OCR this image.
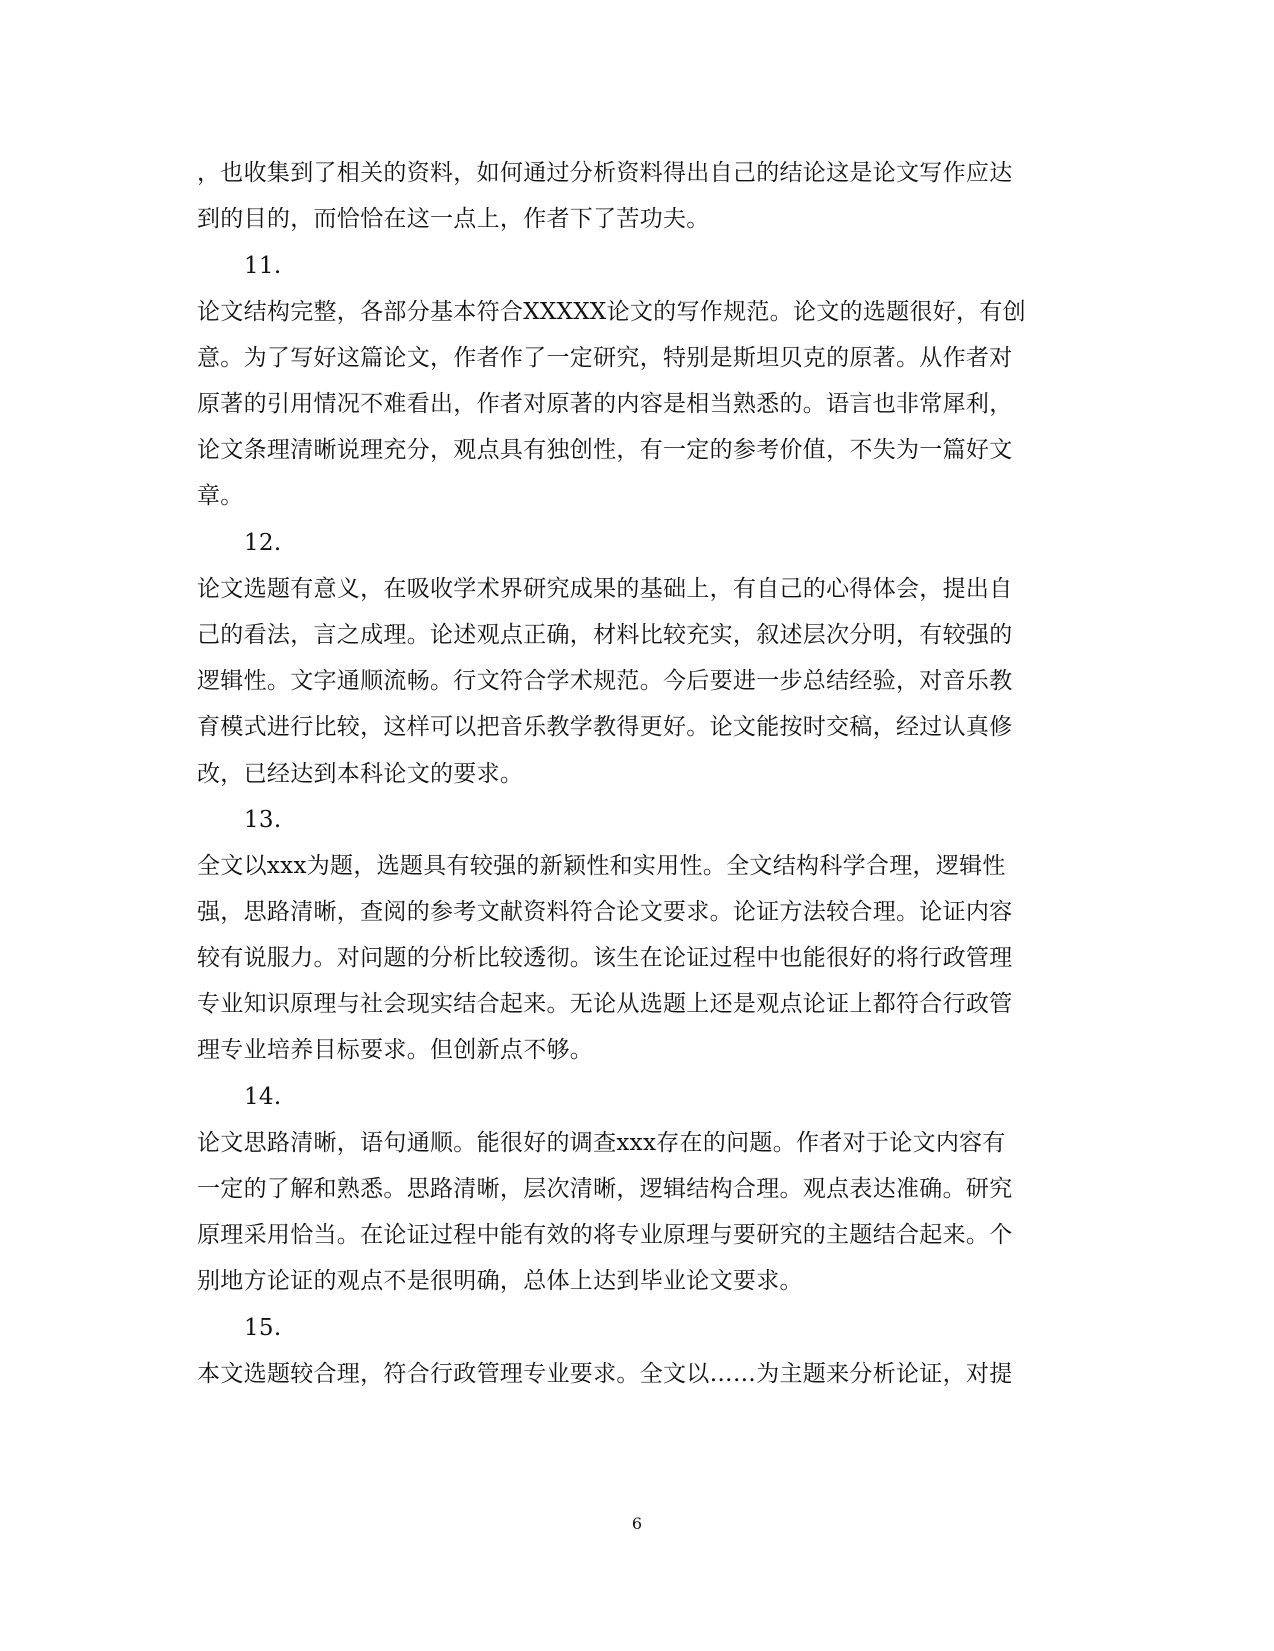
，也收集到了相关的资料，如何通过分析资料得出自己的结论这是论文写作应达
到的目的，而恰恰在这一点上，作者下了苦功夫。
11.
论文结构完整，各部分基本符合XXXXX论文的写作规范。论文的选题很好，有创
意。为了写好这篇论文，作者作了一定研究，特别是斯坦贝克的原著。从作者对
原著的引用情况不难看出，作者对原著的内容是相当熟悉的。语言也非常犀利，
论文条理清晰说理充分，观点具有独创性，有一定的参考价值，不失为一篇好文
章。
12.
论文选题有意义，在吸收学术界研究成果的基础上，有自己的心得体会，提出自
己的看法，言之成理。论述观点正确，材料比较充实，叙述层次分明，有较强的
逻辑性。文字通顺流畅。行文符合学术规范。今后要进一步总结经验，对音乐教
育模式进行比较，这样可以把音乐教学教得更好。论文能按时交稿，经过认真修
改，已经达到本科论文的要求。
13.
全文以xxx为题，选题具有较强的新颖性和实用性。全文结构科学合理，逻辑性
强，思路清晰，查阅的参考文献资料符合论文要求。论证方法较合理。论证内容
较有说服力。对问题的分析比较透彻。该生在论证过程中也能很好的将行政管理
专业知识原理与社会现实结合起来。无论从选题上还是观点论证上都符合行政管
理专业培养目标要求。但创新点不够。
14.
论文思路清晰，语句通顺。能很好的调查xxx存在的问题。作者对于论文内容有
一定的了解和熟悉。思路清晰，层次清晰，逻辑结构合理。观点表达准确。研究
原理采用恰当。在论证过程中能有效的将专业原理与要研究的主题结合起来。个
别地方论证的观点不是很明确，总体上达到毕业论文要求。
15.
本文选题较合理，符合行政管理专业要求。全文以……为主题来分析论证，对提
6
